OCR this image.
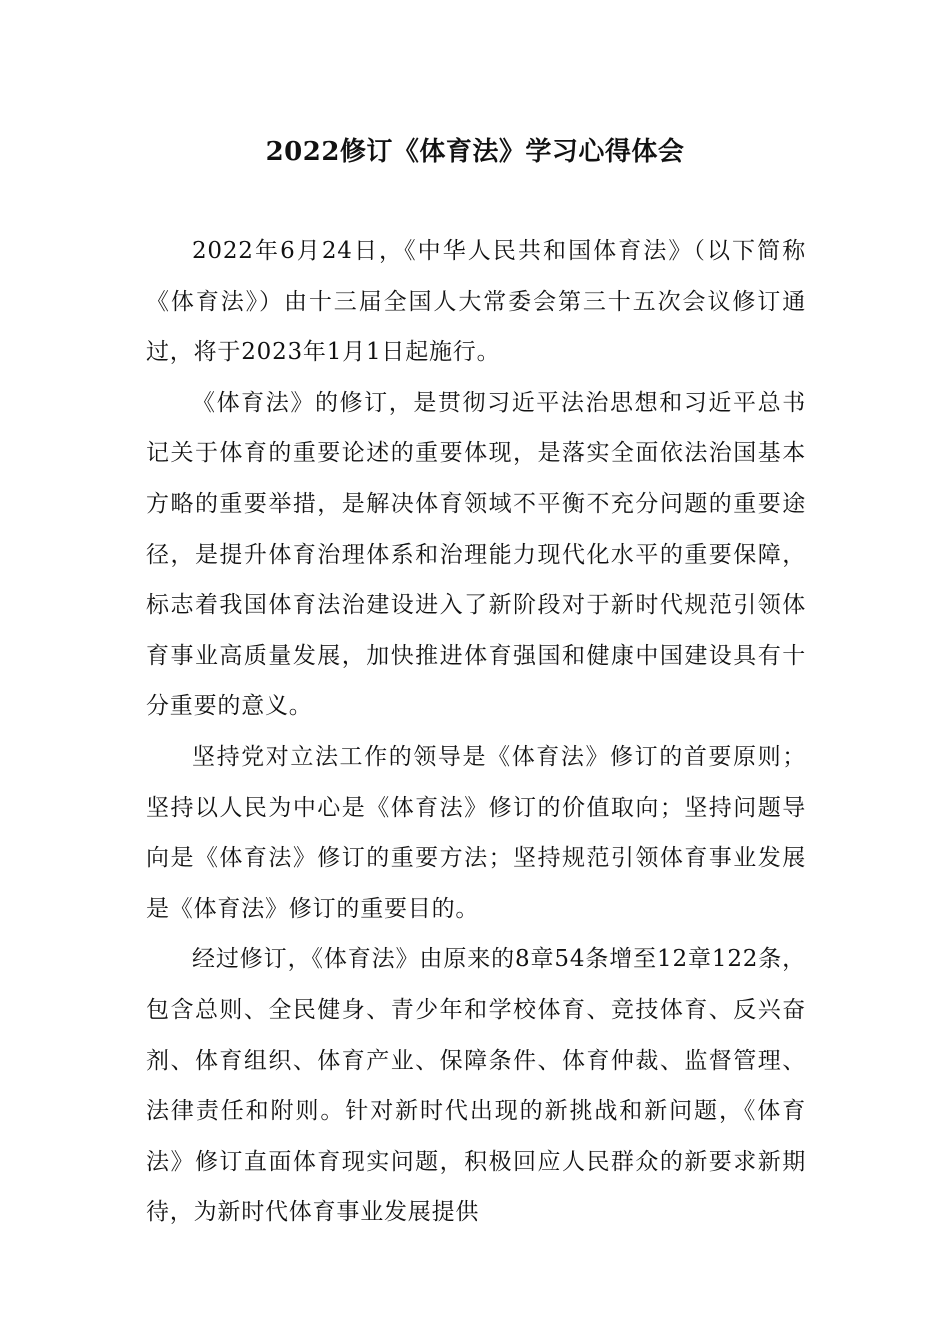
2022修订《体育法》学习心得体会

2022年6月24日，《中华人民共和国体育法》（以下简称《体育法》）由十三届全国人大常委会第三十五次会议修订通过，将于2023年1月1日起施行。

《体育法》的修订，是贯彻习近平法治思想和习近平总书记关于体育的重要论述的重要体现，是落实全面依法治国基本方略的重要举措，是解决体育领域不平衡不充分问题的重要途径，是提升体育治理体系和治理能力现代化水平的重要保障，标志着我国体育法治建设进入了新阶段对于新时代规范引领体育事业高质量发展，加快推进体育强国和健康中国建设具有十分重要的意义。

坚持党对立法工作的领导是《体育法》修订的首要原则；坚持以人民为中心是《体育法》修订的价值取向；坚持问题导向是《体育法》修订的重要方法；坚持规范引领体育事业发展是《体育法》修订的重要目的。

经过修订，《体育法》由原来的8章54条增至12章122条，包含总则、全民健身、青少年和学校体育、竞技体育、反兴奋剂、体育组织、体育产业、保障条件、体育仲裁、监督管理、法律责任和附则。针对新时代出现的新挑战和新问题，《体育法》修订直面体育现实问题，积极回应人民群众的新要求新期待，为新时代体育事业发展提供
